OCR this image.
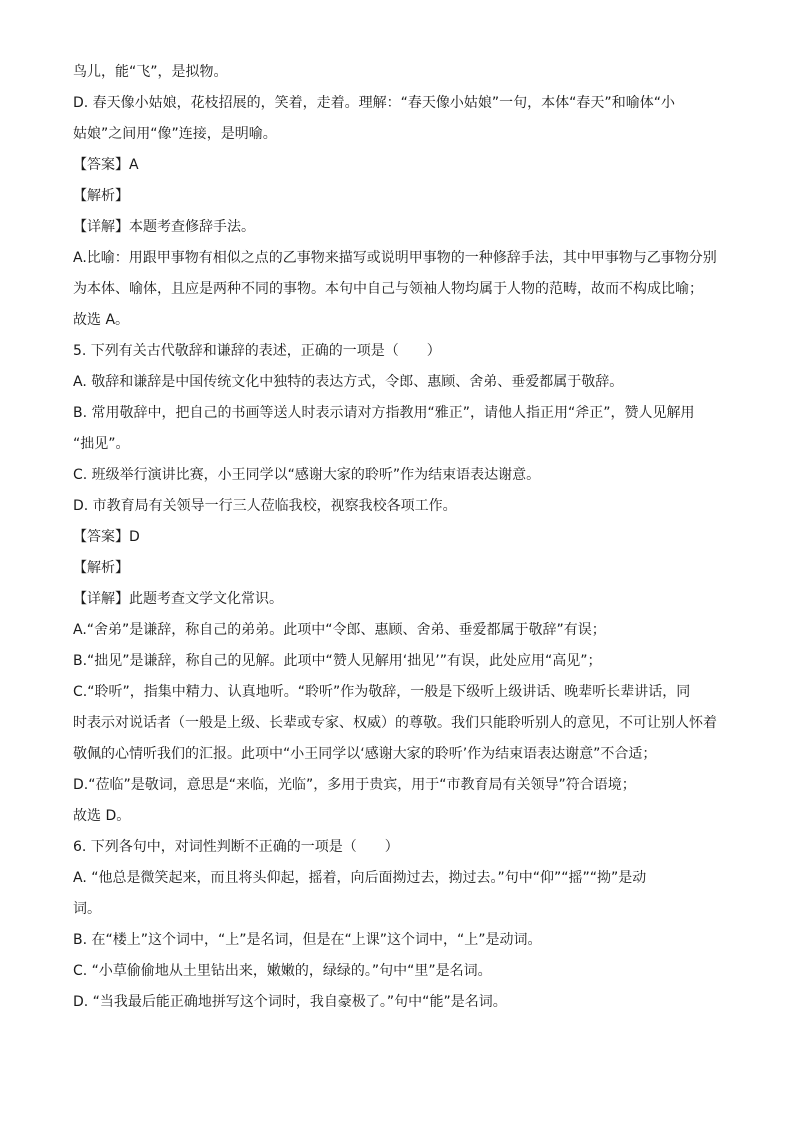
鸟儿，能“飞”，是拟物。
D. 春天像小姑娘，花枝招展的，笑着，走着。理解：“春天像小姑娘”一句，本体“春天”和喻体“小
姑娘”之间用“像”连接，是明喻。
【答案】A
【解析】
【详解】本题考查修辞手法。
A.比喻：用跟甲事物有相似之点的乙事物来描写或说明甲事物的一种修辞手法，其中甲事物与乙事物分别
为本体、喻体，且应是两种不同的事物。本句中自己与领袖人物均属于人物的范畴，故而不构成比喻；
故选 A。
5. 下列有关古代敬辞和谦辞的表述，正确的一项是（　　）
A. 敬辞和谦辞是中国传统文化中独特的表达方式，令郎、惠顾、舍弟、垂爱都属于敬辞。
B. 常用敬辞中，把自己的书画等送人时表示请对方指教用“雅正”，请他人指正用“斧正”，赞人见解用
“拙见”。
C. 班级举行演讲比赛，小王同学以“感谢大家的聆听”作为结束语表达谢意。
D. 市教育局有关领导一行三人莅临我校，视察我校各项工作。
【答案】D
【解析】
【详解】此题考查文学文化常识。
A.“舍弟”是谦辞，称自己的弟弟。此项中“令郎、惠顾、舍弟、垂爱都属于敬辞”有误；
B.“拙见”是谦辞，称自己的见解。此项中“赞人见解用‘拙见’”有误，此处应用“高见”；
C.“聆听”，指集中精力、认真地听。“聆听”作为敬辞，一般是下级听上级讲话、晚辈听长辈讲话，同
时表示对说话者（一般是上级、长辈或专家、权威）的尊敬。我们只能聆听别人的意见，不可让别人怀着
敬佩的心情听我们的汇报。此项中“小王同学以‘感谢大家的聆听’作为结束语表达谢意”不合适；
D.“莅临”是敬词，意思是“来临，光临”，多用于贵宾，用于“市教育局有关领导”符合语境；
故选 D。
6. 下列各句中，对词性判断不正确的一项是（　　）
A. “他总是微笑起来，而且将头仰起，摇着，向后面拗过去，拗过去。”句中“仰”“摇”“拗”是动
词。
B. 在“楼上”这个词中，“上”是名词，但是在“上课”这个词中，“上”是动词。
C. “小草偷偷地从土里钻出来，嫩嫩的，绿绿的。”句中“里”是名词。
D. “当我最后能正确地拼写这个词时，我自豪极了。”句中“能”是名词。
